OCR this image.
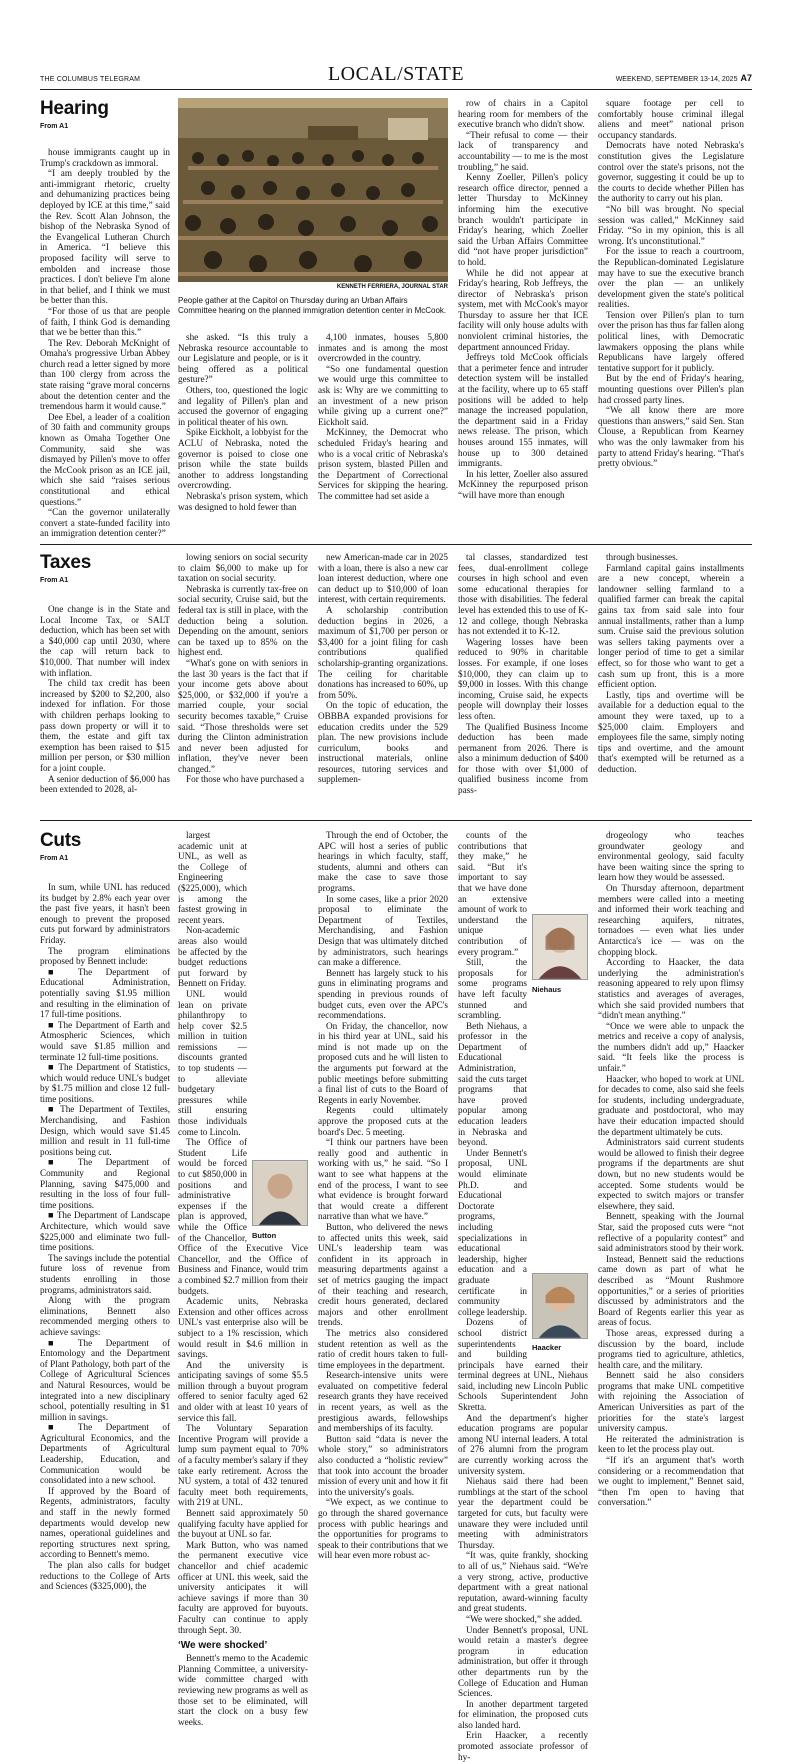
THE COLUMBUS TELEGRAM	LOCAL/STATE	WEEKEND, SEPTEMBER 13-14, 2025 A7
Hearing
From A1

house immigrants caught up in Trump's crackdown as immoral.

“I am deeply troubled by the anti-immigrant rhetoric, cruelty and dehumanizing practices being deployed by ICE at this time,” said the Rev. Scott Alan Johnson, the bishop of the Nebraska Synod of the Evangelical Lutheran Church in America. “I believe this proposed facility will serve to embolden and increase those practices. I don't believe I'm alone in that belief, and I think we must be better than this.

“For those of us that are people of faith, I think God is demanding that we be better than this.”

The Rev. Deborah McKnight of Omaha's progressive Urban Abbey church read a letter signed by more than 100 clergy from across the state raising “grave moral concerns about the detention center and the tremendous harm it would cause.”

Dee Ebel, a leader of a coalition of 30 faith and community groups known as Omaha Together One Community, said she was dismayed by Pillen's move to offer the McCook prison as an ICE jail, which she said “raises serious constitutional and ethical questions.”

“Can the governor unilaterally convert a state-funded facility into an immigration detention center?”

KENNETH FERRIERA, JOURNAL STAR
People gather at the Capitol on Thursday during an Urban Affairs Committee hearing on the planned immigration detention center in McCook.

she asked. “Is this truly a Nebraska resource accountable to our Legislature and people, or is it being offered as a political gesture?”

Others, too, questioned the logic and legality of Pillen's plan and accused the governor of engaging in political theater of his own.

Spike Eickholt, a lobbyist for the ACLU of Nebraska, noted the governor is poised to close one prison while the state builds another to address longstanding overcrowding.

Nebraska's prison system, which was designed to hold fewer than

4,100 inmates, houses 5,800 inmates and is among the most overcrowded in the country.

“So one fundamental question we would urge this committee to ask is: Why are we committing to an investment of a new prison while giving up a current one?” Eickholt said.

McKinney, the Democrat who scheduled Friday's hearing and who is a vocal critic of Nebraska's prison system, blasted Pillen and the Department of Correctional Services for skipping the hearing. The committee had set aside a

row of chairs in a Capitol hearing room for members of the executive branch who didn't show.

“Their refusal to come — their lack of transparency and accountability — to me is the most troubling,” he said.

Kenny Zoeller, Pillen's policy research office director, penned a letter Thursday to McKinney informing him the executive branch wouldn't participate in Friday's hearing, which Zoeller said the Urban Affairs Committee did “not have proper jurisdiction” to hold.

While he did not appear at Friday's hearing, Rob Jeffreys, the director of Nebraska's prison system, met with McCook's mayor Thursday to assure her that ICE facility will only house adults with nonviolent criminal histories, the department announced Friday.

Jeffreys told McCook officials that a perimeter fence and intruder detection system will be installed at the facility, where up to 65 staff positions will be added to help manage the increased population, the department said in a Friday news release. The prison, which houses around 155 inmates, will house up to 300 detained immigrants.

In his letter, Zoeller also assured McKinney the repurposed prison “will have more than enough

square footage per cell to comfortably house criminal illegal aliens and meet” national prison occupancy standards.

Democrats have noted Nebraska's constitution gives the Legislature control over the state's prisons, not the governor, suggesting it could be up to the courts to decide whether Pillen has the authority to carry out his plan.

“No bill was brought. No special session was called,” McKinney said Friday. “So in my opinion, this is all wrong. It's unconstitutional.”

For the issue to reach a courtroom, the Republican-dominated Legislature may have to sue the executive branch over the plan — an unlikely development given the state's political realities.

Tension over Pillen's plan to turn over the prison has thus far fallen along political lines, with Democratic lawmakers opposing the plans while Republicans have largely offered tentative support for it publicly.

But by the end of Friday's hearing, mounting questions over Pillen's plan had crossed party lines.

“We all know there are more questions than answers,” said Sen. Stan Clouse, a Republican from Kearney who was the only lawmaker from his party to attend Friday's hearing. “That's pretty obvious.”

Taxes
From A1

One change is in the State and Local Income Tax, or SALT deduction, which has been set with a $40,000 cap until 2030, where the cap will return back to $10,000. That number will index with inflation.

The child tax credit has been increased by $200 to $2,200, also indexed for inflation. For those with children perhaps looking to pass down property or will it to them, the estate and gift tax exemption has been raised to $15 million per person, or $30 million for a joint couple.

A senior deduction of $6,000 has been extended to 2028, al-

lowing seniors on social security to claim $6,000 to make up for taxation on social security.

Nebraska is currently tax-free on social security, Cruise said, but the federal tax is still in place, with the deduction being a solution. Depending on the amount, seniors can be taxed up to 85% on the highest end.

“What's gone on with seniors in the last 30 years is the fact that if your income gets above about $25,000, or $32,000 if you're a married couple, your social security becomes taxable,” Cruise said. “Those thresholds were set during the Clinton administration and never been adjusted for inflation, they've never been changed.”

For those who have purchased a

new American-made car in 2025 with a loan, there is also a new car loan interest deduction, where one can deduct up to $10,000 of loan interest, with certain requirements.

A scholarship contribution deduction begins in 2026, a maximum of $1,700 per person or $3,400 for a joint filing for cash contributions qualified scholarship-granting organizations. The ceiling for charitable donations has increased to 60%, up from 50%.

On the topic of education, the OBBBA expanded provisions for education credits under the 529 plan. The new provisions include curriculum, books and instructional materials, online resources, tutoring services and supplemen-

tal classes, standardized test fees, dual-enrollment college courses in high school and even some educational therapies for those with disabilities. The federal level has extended this to use of K-12 and college, though Nebraska has not extended it to K-12.

Wagering losses have been reduced to 90% in charitable losses. For example, if one loses $10,000, they can claim up to $9,000 in losses. With this change incoming, Cruise said, he expects people will downplay their losses less often.

The Qualified Business Income deduction has been made permanent from 2026. There is also a minimum deduction of $400 for those with over $1,000 of qualified business income from pass-

through businesses.

Farmland capital gains installments are a new concept, wherein a landowner selling farmland to a qualified farmer can break the capital gains tax from said sale into four annual installments, rather than a lump sum. Cruise said the previous solution was sellers taking payments over a longer period of time to get a similar effect, so for those who want to get a cash sum up front, this is a more efficient option.

Lastly, tips and overtime will be available for a deduction equal to the amount they were taxed, up to a $25,000 claim. Employers and employees file the same, simply noting tips and overtime, and the amount that's exempted will be returned as a deduction.

Cuts
From A1

In sum, while UNL has reduced its budget by 2.8% each year over the past five years, it hasn't been enough to prevent the proposed cuts put forward by administrators Friday.

The program eliminations proposed by Bennett include:

■ The Department of Educational Administration, potentially saving $1.95 million and resulting in the elimination of 17 full-time positions.

■ The Department of Earth and Atmospheric Sciences, which would save $1.85 million and terminate 12 full-time positions.

■ The Department of Statistics, which would reduce UNL's budget by $1.75 million and close 12 full-time positions.

■ The Department of Textiles, Merchandising, and Fashion Design, which would save $1.45 million and result in 11 full-time positions being cut.

■ The Department of Community and Regional Planning, saving $475,000 and resulting in the loss of four full-time positions.

■ The Department of Landscape Architecture, which would save $225,000 and eliminate two full-time positions.

The savings include the potential future loss of revenue from students enrolling in those programs, administrators said.

Along with the program eliminations, Bennett also recommended merging others to achieve savings:

■ The Department of Entomology and the Department of Plant Pathology, both part of the College of Agricultural Sciences and Natural Resources, would be integrated into a new disciplinary school, potentially resulting in $1 million in savings.

■ The Department of Agricultural Economics, and the Departments of Agricultural Leadership, Education, and Communication would be consolidated into a new school.

If approved by the Board of Regents, administrators, faculty and staff in the newly formed departments would develop new names, operational guidelines and reporting structures next spring, according to Bennett's memo.

The plan also calls for budget reductions to the College of Arts and Sciences ($325,000), the

Button

largest academic unit at UNL, as well as the College of Engineering ($225,000), which is among the fastest growing in recent years.

Non-academic areas also would be affected by the budget reductions put forward by Bennett on Friday.

UNL would lean on private philanthropy to help cover $2.5 million in tuition remissions — discounts granted to top students — to alleviate budgetary pressures while still ensuring those individuals come to Lincoln.

The Office of Student Life would be forced to cut $850,000 in positions and administrative expenses if the plan is approved, while the Office of the Chancellor, Office of the Executive Vice Chancellor, and the Office of Business and Finance, would trim a combined $2.7 million from their budgets.

Academic units, Nebraska Extension and other offices across UNL's vast enterprise also will be subject to a 1% rescission, which would result in $4.6 million in savings.

And the university is anticipating savings of some $5.5 million through a buyout program offered to senior faculty aged 62 and older with at least 10 years of service this fall.

The Voluntary Separation Incentive Program will provide a lump sum payment equal to 70% of a faculty member's salary if they take early retirement. Across the NU system, a total of 432 tenured faculty meet both requirements, with 219 at UNL.

Bennett said approximately 50 qualifying faculty have applied for the buyout at UNL so far.

Mark Button, who was named the permanent executive vice chancellor and chief academic officer at UNL this week, said the university anticipates it will achieve savings if more than 30 faculty are approved for buyouts. Faculty can continue to apply through Sept. 30.

‘We were shocked’

Bennett's memo to the Academic Planning Committee, a university-wide committee charged with reviewing new programs as well as those set to be eliminated, will start the clock on a busy few weeks.

Through the end of October, the APC will host a series of public hearings in which faculty, staff, students, alumni and others can make the case to save those programs.

In some cases, like a prior 2020 proposal to eliminate the Department of Textiles, Merchandising, and Fashion Design that was ultimately ditched by administrators, such hearings can make a difference.

Bennett has largely stuck to his guns in eliminating programs and spending in previous rounds of budget cuts, even over the APC's recommendations.

On Friday, the chancellor, now in his third year at UNL, said his mind is not made up on the proposed cuts and he will listen to the arguments put forward at the public meetings before submitting a final list of cuts to the Board of Regents in early November.

Regents could ultimately approve the proposed cuts at the board's Dec. 5 meeting.

“I think our partners have been really good and authentic in working with us,” he said. “So I want to see what happens at the end of the process, I want to see what evidence is brought forward that would create a different narrative than what we have.”

Button, who delivered the news to affected units this week, said UNL's leadership team was confident in its approach in measuring departments against a set of metrics gauging the impact of their teaching and research, credit hours generated, declared majors and other enrollment trends.

The metrics also considered student retention as well as the ratio of credit hours taken to full-time employees in the department.

Research-intensive units were evaluated on competitive federal research grants they have received in recent years, as well as the prestigious awards, fellowships and memberships of its faculty.

Button said “data is never the whole story,” so administrators also conducted a “holistic review” that took into account the broader mission of every unit and how it fit into the university's goals.

“We expect, as we continue to go through the shared governance process with public hearings and the opportunities for programs to speak to their contributions that we will hear even more robust ac-

Niehaus
Haacker

counts of the contributions that they make,” he said. “But it's important to say that we have done an extensive amount of work to understand the unique contribution of every program.”

Still, the proposals for some programs have left faculty stunned and scrambling.

Beth Niehaus, a professor in the Department of Educational Administration, said the cuts target programs that have proved popular among education leaders in Nebraska and beyond.

Under Bennett's proposal, UNL would eliminate Ph.D. and Educational Doctorate programs, including specializations in educational leadership, higher education and a graduate certificate in community college leadership.

Dozens of school district superintendents and building principals have earned their terminal degrees at UNL, Niehaus said, including new Lincoln Public Schools Superintendent John Skretta.

And the department's higher education programs are popular among NU internal leaders. A total of 276 alumni from the program are currently working across the university system.

Niehaus said there had been rumblings at the start of the school year the department could be targeted for cuts, but faculty were unaware they were included until meeting with administrators Thursday.

“It was, quite frankly, shocking to all of us,” Niehaus said. “We're a very strong, active, productive department with a great national reputation, award-winning faculty and great students.

“We were shocked,” she added.

Under Bennett's proposal, UNL would retain a master's degree program in education administration, but offer it through other departments run by the College of Education and Human Sciences.

In another department targeted for elimination, the proposed cuts also landed hard.

Erin Haacker, a recently promoted associate professor of hy-

drogeology who teaches groundwater geology and environmental geology, said faculty have been waiting since the spring to learn how they would be assessed.

On Thursday afternoon, department members were called into a meeting and informed their work teaching and researching aquifers, nitrates, tornadoes — even what lies under Antarctica's ice — was on the chopping block.

According to Haacker, the data underlying the administration's reasoning appeared to rely upon flimsy statistics and averages of averages, which she said provided numbers that “didn't mean anything.”

“Once we were able to unpack the metrics and receive a copy of analysis, the numbers didn't add up,” Haacker said. “It feels like the process is unfair.”

Haacker, who hoped to work at UNL for decades to come, also said she feels for students, including undergraduate, graduate and postdoctoral, who may have their education impacted should the department ultimately be cuts.

Administrators said current students would be allowed to finish their degree programs if the departments are shut down, but no new students would be accepted. Some students would be expected to switch majors or transfer elsewhere, they said.

Bennett, speaking with the Journal Star, said the proposed cuts were “not reflective of a popularity contest” and said administrators stood by their work.

Instead, Bennett said the reductions came down as part of what he described as “Mount Rushmore opportunities,” or a series of priorities discussed by administrators and the Board of Regents earlier this year as areas of focus.

Those areas, expressed during a discussion by the board, include programs tied to agriculture, athletics, health care, and the military.

Bennett said he also considers programs that make UNL competitive with rejoining the Association of American Universities as part of the priorities for the state's largest university campus.

He reiterated the administration is keen to let the process play out.

“If it's an argument that's worth considering or a recommendation that we ought to implement,” Bennet said, “then I'm open to having that conversation.”
